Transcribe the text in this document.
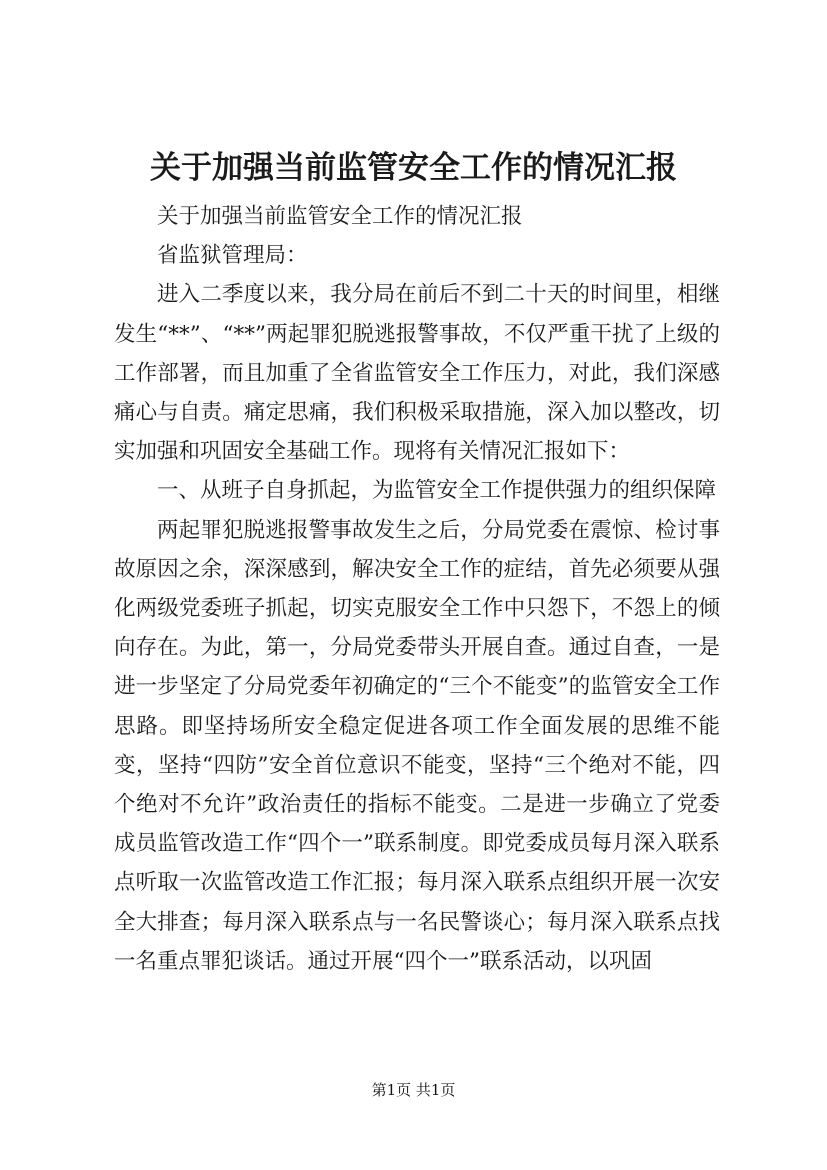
关于加强当前监管安全工作的情况汇报

关于加强当前监管安全工作的情况汇报

省监狱管理局：

进入二季度以来，我分局在前后不到二十天的时间里，相继发生“**”、“**”两起罪犯脱逃报警事故，不仅严重干扰了上级的工作部署，而且加重了全省监管安全工作压力，对此，我们深感痛心与自责。痛定思痛，我们积极采取措施，深入加以整改，切实加强和巩固安全基础工作。现将有关情况汇报如下：

一、从班子自身抓起，为监管安全工作提供强力的组织保障

两起罪犯脱逃报警事故发生之后，分局党委在震惊、检讨事故原因之余，深深感到，解决安全工作的症结，首先必须要从强化两级党委班子抓起，切实克服安全工作中只怨下，不怨上的倾向存在。为此，第一，分局党委带头开展自查。通过自查，一是进一步坚定了分局党委年初确定的“三个不能变”的监管安全工作思路。即坚持场所安全稳定促进各项工作全面发展的思维不能变，坚持“四防”安全首位意识不能变，坚持“三个绝对不能，四个绝对不允许”政治责任的指标不能变。二是进一步确立了党委成员监管改造工作“四个一”联系制度。即党委成员每月深入联系点听取一次监管改造工作汇报；每月深入联系点组织开展一次安全大排查；每月深入联系点与一名民警谈心；每月深入联系点找一名重点罪犯谈话。通过开展“四个一”联系活动，以巩固

第1页 共1页
